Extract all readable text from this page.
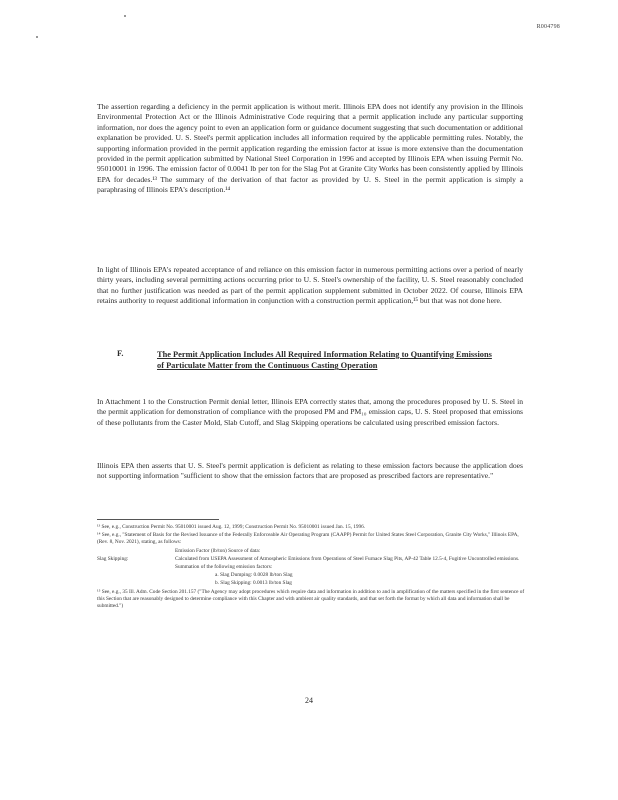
R004798

The assertion regarding a deficiency in the permit application is without merit. Illinois EPA does not identify any provision in the Illinois Environmental Protection Act or the Illinois Administrative Code requiring that a permit application include any particular supporting information, nor does the agency point to even an application form or guidance document suggesting that such documentation or additional explanation be provided. U. S. Steel's permit application includes all information required by the applicable permitting rules. Notably, the supporting information provided in the permit application regarding the emission factor at issue is more extensive than the documentation provided in the permit application submitted by National Steel Corporation in 1996 and accepted by Illinois EPA when issuing Permit No. 95010001 in 1996. The emission factor of 0.0041 lb per ton for the Slag Pot at Granite City Works has been consistently applied by Illinois EPA for decades.¹³ The summary of the derivation of that factor as provided by U. S. Steel in the permit application is simply a paraphrasing of Illinois EPA's description.¹⁴

In light of Illinois EPA's repeated acceptance of and reliance on this emission factor in numerous permitting actions over a period of nearly thirty years, including several permitting actions occurring prior to U. S. Steel's ownership of the facility, U. S. Steel reasonably concluded that no further justification was needed as part of the permit application supplement submitted in October 2022. Of course, Illinois EPA retains authority to request additional information in conjunction with a construction permit application,¹⁵ but that was not done here.

F.	The Permit Application Includes All Required Information Relating to Quantifying Emissions of Particulate Matter from the Continuous Casting Operation

In Attachment 1 to the Construction Permit denial letter, Illinois EPA correctly states that, among the procedures proposed by U. S. Steel in the permit application for demonstration of compliance with the proposed PM and PM₁₀ emission caps, U. S. Steel proposed that emissions of these pollutants from the Caster Mold, Slab Cutoff, and Slag Skipping operations be calculated using prescribed emission factors.

Illinois EPA then asserts that U. S. Steel's permit application is deficient as relating to these emission factors because the application does not supporting information "sufficient to show that the emission factors that are proposed as prescribed factors are representative."

¹³ See, e.g., Construction Permit No. 95010001 issued Aug. 12, 1999; Construction Permit No. 95010001 issued Jan. 15, 1996.

¹⁴ See, e.g., "Statement of Basis for the Revised Issuance of the Federally Enforceable Air Operating Program (CAAPP) Permit for United States Steel Corporation, Granite City Works," Illinois EPA, (Rev. 8, Nov. 2021), stating, as follows:

Emission Factor (lb/ton) Source of data:
Slag Skipping:	Calculated from USEPA Assessment of Atmospheric Emissions from Operations of Steel Furnace Slag Pits, AP-42 Table 12.5-4, Fugitive Uncontrolled emissions.
Summation of the following emission factors:
a. Slag Dumping: 0.0028 lb/ton Slag
b. Slag Skipping: 0.0013 lb/ton Slag

¹⁵ See, e.g., 35 Ill. Adm. Code Section 201.157 ("The Agency may adopt procedures which require data and information in addition to and in amplification of the matters specified in the first sentence of this Section that are reasonably designed to determine compliance with this Chapter and with ambient air quality standards, and that set forth the format by which all data and information shall be submitted.")

24
